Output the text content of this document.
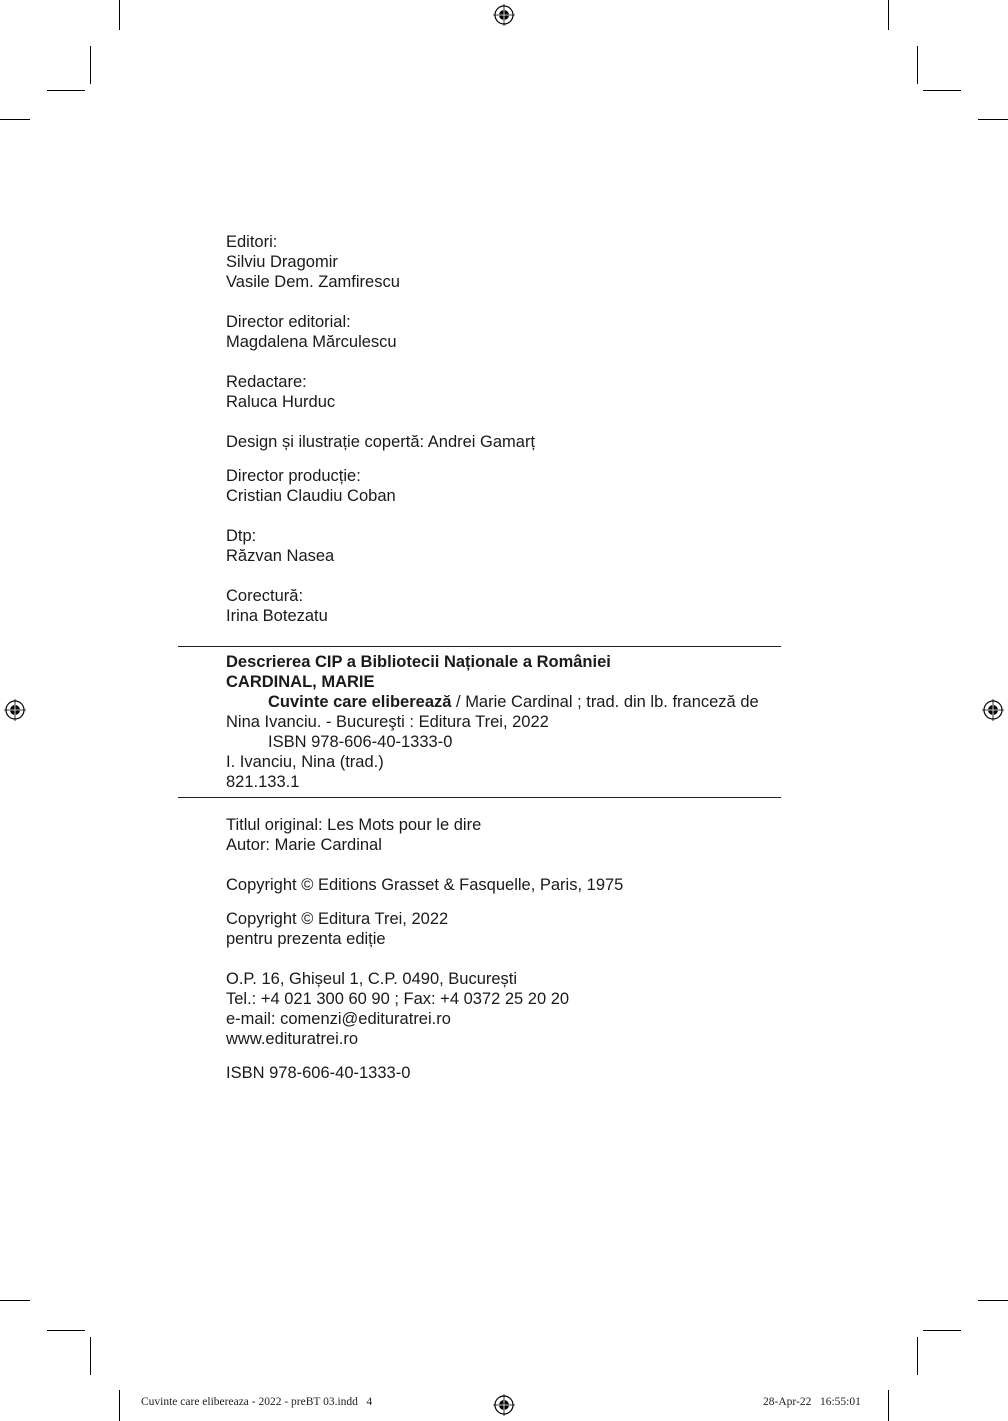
Editori:
Silviu Dragomir
Vasile Dem. Zamfirescu
Director editorial:
Magdalena Mărculescu
Redactare:
Raluca Hurduc
Design și ilustrație copertă: Andrei Gamarț
Director producție:
Cristian Claudiu Coban
Dtp:
Răzvan Nasea
Corectură:
Irina Botezatu
Descrierea CIP a Bibliotecii Naționale a României
CARDINAL, MARIE
Cuvinte care eliberează / Marie Cardinal ; trad. din lb. franceză de
Nina Ivanciu. - Bucureşti : Editura Trei, 2022
ISBN 978-606-40-1333-0
I. Ivanciu, Nina (trad.)
821.133.1
Titlul original: Les Mots pour le dire
Autor: Marie Cardinal
Copyright © Editions Grasset & Fasquelle, Paris, 1975
Copyright © Editura Trei, 2022
pentru prezenta ediție
O.P. 16, Ghișeul 1, C.P. 0490, București
Tel.: +4 021 300 60 90 ; Fax: +4 0372 25 20 20
e-mail: comenzi@edituratrei.ro
www.edituratrei.ro
ISBN 978-606-40-1333-0
Cuvinte care elibereaza - 2022 - preBT 03.indd   4	28-Apr-22   16:55:01
